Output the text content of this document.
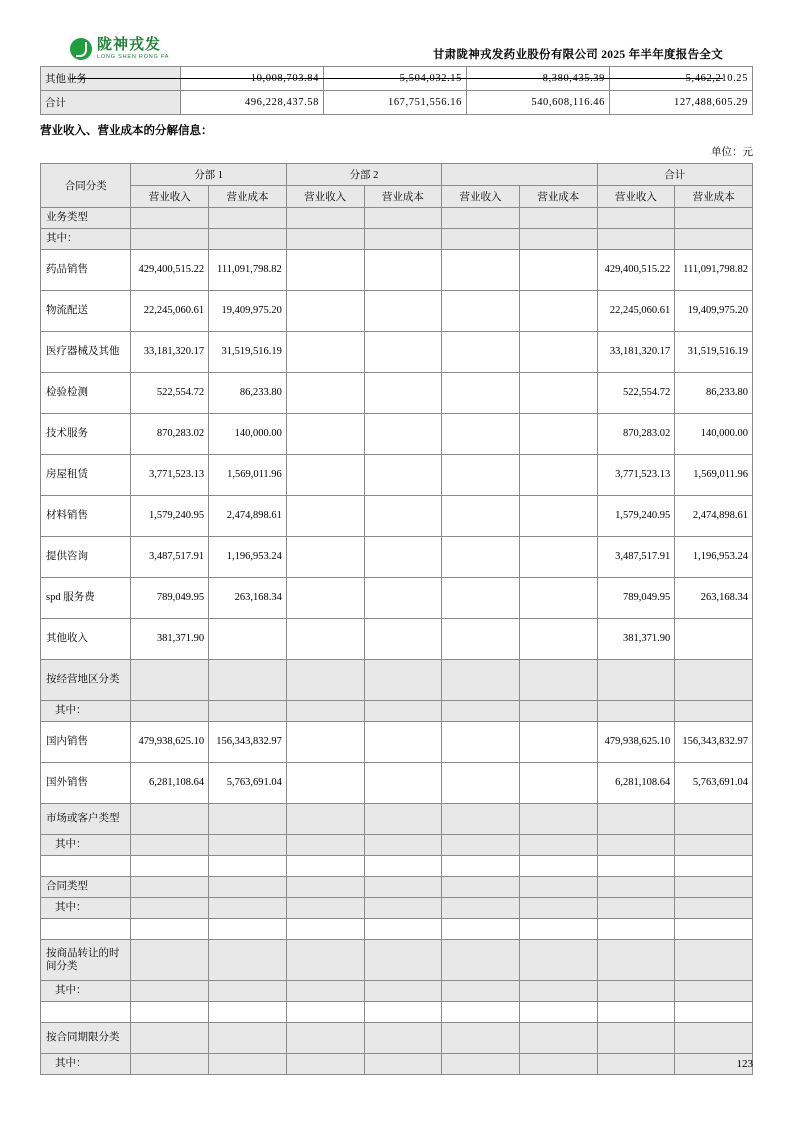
陇神戎发
LONG SHEN RONG FA	甘肃陇神戎发药业股份有限公司 2025 年半年度报告全文
其他业务	10,008,703.84	5,504,032.15	8,380,435.39	5,462,210.25
合计	496,228,437.58	167,751,556.16	540,608,116.46	127,488,605.29
营业收入、营业成本的分解信息：
单位：元
合同分类	分部 1		分部 2				合计	
	营业收入	营业成本	营业收入	营业成本	营业收入	营业成本	营业收入	营业成本
业务类型								
其中：								
药品销售	429,400,515.22	111,091,798.82					429,400,515.22	111,091,798.82
物流配送	22,245,060.61	19,409,975.20					22,245,060.61	19,409,975.20
医疗器械及其他	33,181,320.17	31,519,516.19					33,181,320.17	31,519,516.19
检验检测	522,554.72	86,233.80					522,554.72	86,233.80
技术服务	870,283.02	140,000.00					870,283.02	140,000.00
房屋租赁	3,771,523.13	1,569,011.96					3,771,523.13	1,569,011.96
材料销售	1,579,240.95	2,474,898.61					1,579,240.95	2,474,898.61
提供咨询	3,487,517.91	1,196,953.24					3,487,517.91	1,196,953.24
spd 服务费	789,049.95	263,168.34					789,049.95	263,168.34
其他收入	381,371.90						381,371.90	
按经营地区分类								
其中：								
国内销售	479,938,625.10	156,343,832.97					479,938,625.10	156,343,832.97
国外销售	6,281,108.64	5,763,691.04					6,281,108.64	5,763,691.04
市场或客户类型								
其中：								

合同类型								
其中：								

按商品转让的时间分类								
其中：								

按合同期限分类								
其中：									123
